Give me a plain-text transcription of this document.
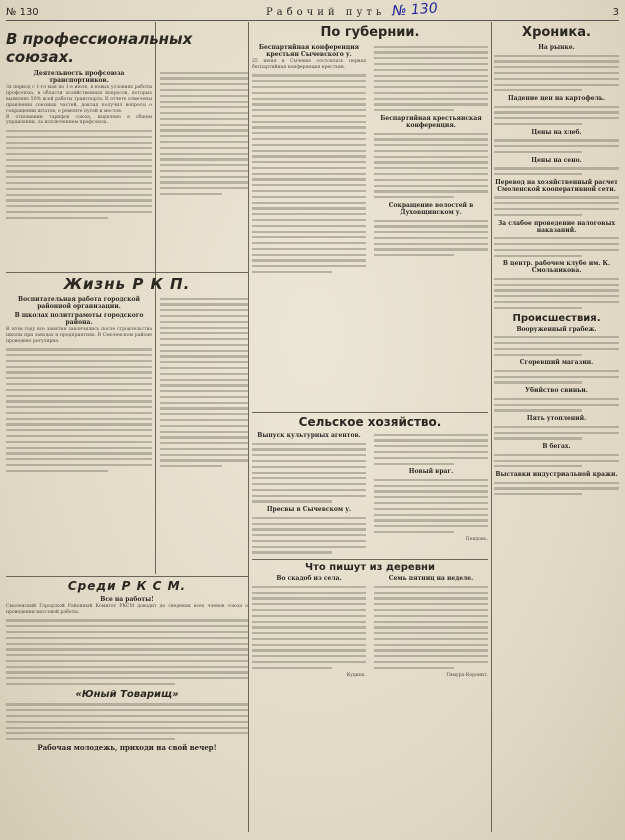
№ 130	Рабочий путь	3
№ 130
В профессиональных союзах.
Деятельность профсоюза транспортников.
За период с 1-го мая по 1-е июля, в новых условиях работы профсоюза, в области хозяйственных вопросов, которых выявлено 50% всей работы транспорта. В отчете отмечены правления союзных частей, доклад получил вопросы о сокращении штатов, о ремонте путей и мостов.
В отношении тарифов союза, выделено в общем управлении, за исключением профсоюза.
Жизнь Р К П.
Воспитательная работа городской районной организации.
В школах политграмоты городского района.
В этом году все занятия закончились после строительства школы при заводах и предприятиях. В Смоленском районе проведено регулярно.
Среди Р К С М.
Все на работы!
Смоленский Городской Районный Комитет РКСМ доводит до сведения всех членов союза о проведении массовой работы.
«Юный Товарищ»
Рабочая молодежь, приходи на свой вечер!
По губернии.
Беспартийная конференция крестьян Сычевского у.
25 июня в Сычевке состоялась первая беспартийная конференция крестьян.
Беспартийная крестьянская конференция.
Сокращение волостей в Духовщинском у.
Сельское хозяйство.
Выпуск культурных агентов.
Пресвы в Сычевском у.
Новый враг.
Пендовъ.
Что пишут из деревни
Во скадоб из села.
Кудина.
Семь пятниц на неделе.
Тимура-Коронит.
Хроника.
На рынке.
Падение цен на картофель.
Цены на хлеб.
Цены на сено.
Перевод на хозяйственный расчет Смоленской кооперативной сети.
За слабое проведение налоговых наказаний.
В центр. рабочем клубе им. К. Смольникова.
Происшествия.
Вооруженный грабеж.
Сгоревший магазин.
Убийство свиньи.
Пять утоплений.
В бегах.
Выставки индустриальной кражи.
